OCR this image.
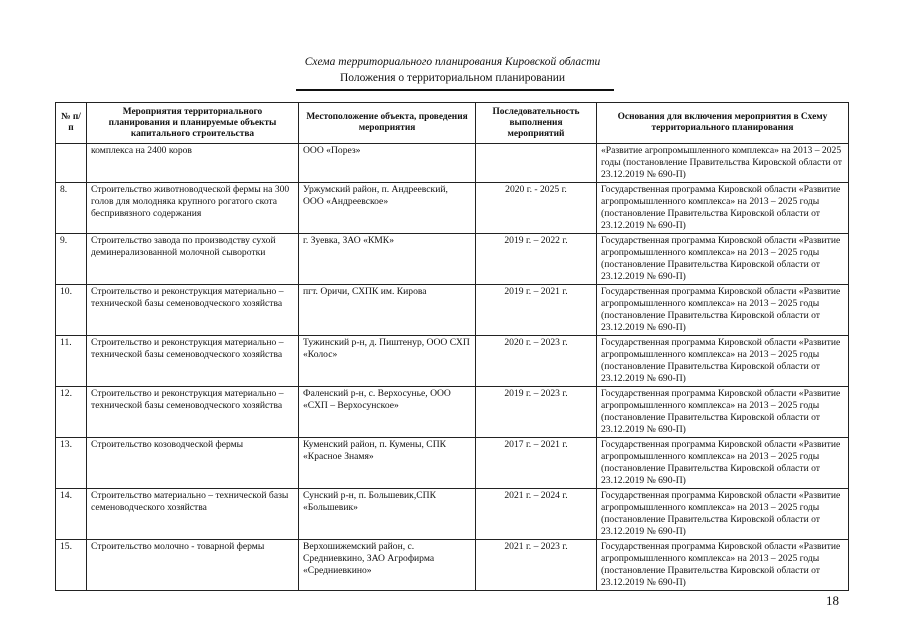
Схема территориального планирования Кировской области
Положения о территориальном планировании
№ п/п	Мероприятия территориального планирования и планируемые объекты капитального строительства	Местоположение объекта, проведения мероприятия	Последовательность выполнения мероприятий	Основания для включения мероприятия в Схему территориального планирования
	комплекса на 2400 коров	ООО «Порез»		«Развитие агропромышленного комплекса» на 2013 – 2025 годы (постановление Правительства Кировской области от 23.12.2019 № 690-П)
8.	Строительство животноводческой фермы на 300 голов для молодняка крупного рогатого скота беспривязного содержания	Уржумский район, п. Андреевский, ООО «Андреевское»	2020 г. - 2025 г.	Государственная программа Кировской области «Развитие агропромышленного комплекса» на 2013 – 2025 годы (постановление Правительства Кировской области от 23.12.2019 № 690-П)
9.	Строительство завода по производству сухой деминерализованной молочной сыворотки	г. Зуевка, ЗАО «КМК»	2019 г. – 2022 г.	Государственная программа Кировской области «Развитие агропромышленного комплекса» на 2013 – 2025 годы (постановление Правительства Кировской области от 23.12.2019 № 690-П)
10.	Строительство и реконструкция материально – технической базы семеноводческого хозяйства	пгт. Оричи, СХПК им. Кирова	2019 г. – 2021 г.	Государственная программа Кировской области «Развитие агропромышленного комплекса» на 2013 – 2025 годы (постановление Правительства Кировской области от 23.12.2019 № 690-П)
11.	Строительство и реконструкция материально – технической базы семеноводческого хозяйства	Тужинский р-н, д. Пиштенур, ООО СХП «Колос»	2020 г. – 2023 г.	Государственная программа Кировской области «Развитие агропромышленного комплекса» на 2013 – 2025 годы (постановление Правительства Кировской области от 23.12.2019 № 690-П)
12.	Строительство и реконструкция материально – технической базы семеноводческого хозяйства	Фаленский р-н, с. Верхосунье, ООО «СХП – Верхосунское»	2019 г. – 2023 г.	Государственная программа Кировской области «Развитие агропромышленного комплекса» на 2013 – 2025 годы (постановление Правительства Кировской области от 23.12.2019 № 690-П)
13.	Строительство козоводческой фермы	Куменский район, п. Кумены, СПК «Красное Знамя»	2017 г. – 2021 г.	Государственная программа Кировской области «Развитие агропромышленного комплекса» на 2013 – 2025 годы (постановление Правительства Кировской области от 23.12.2019 № 690-П)
14.	Строительство материально – технической базы семеноводческого хозяйства	Сунский р-н, п. Большевик,СПК «Большевик»	2021 г. – 2024 г.	Государственная программа Кировской области «Развитие агропромышленного комплекса» на 2013 – 2025 годы (постановление Правительства Кировской области от 23.12.2019 № 690-П)
15.	Строительство молочно - товарной фермы	Верхошижемский район, с. Средниевкино, ЗАО Агрофирма «Средниевкино»	2021 г. – 2023 г.	Государственная программа Кировской области «Развитие агропромышленного комплекса» на 2013 – 2025 годы (постановление Правительства Кировской области от 23.12.2019 № 690-П)
18
